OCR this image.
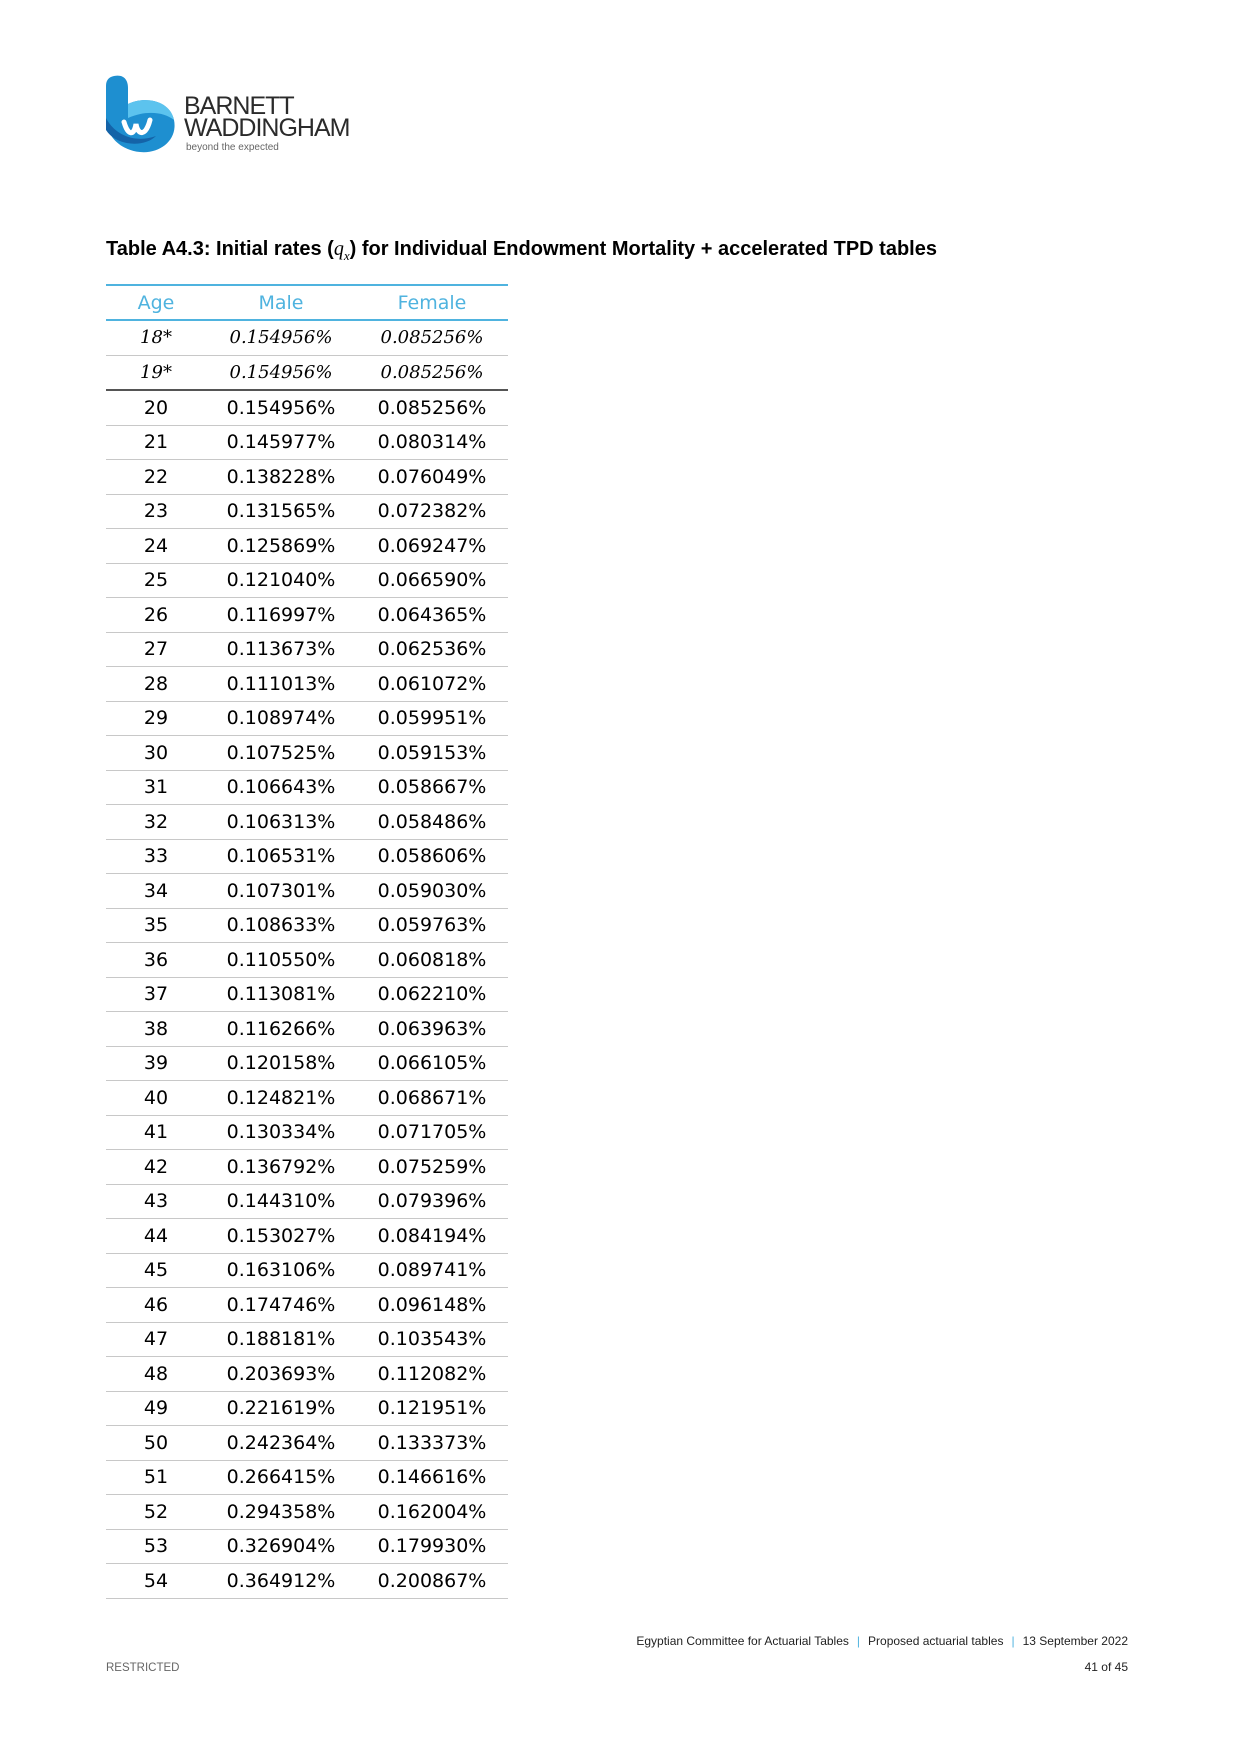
BARNETT
WADDINGHAM
beyond the expected
Table A4.3: Initial rates $(q_x)$ for Individual Endowment Mortality + accelerated TPD tables
Age	Male	Female
18*	0.154956%	0.085256%
19*	0.154956%	0.085256%
20	0.154956%	0.085256%
21	0.145977%	0.080314%
22	0.138228%	0.076049%
23	0.131565%	0.072382%
24	0.125869%	0.069247%
25	0.121040%	0.066590%
26	0.116997%	0.064365%
27	0.113673%	0.062536%
28	0.111013%	0.061072%
29	0.108974%	0.059951%
30	0.107525%	0.059153%
31	0.106643%	0.058667%
32	0.106313%	0.058486%
33	0.106531%	0.058606%
34	0.107301%	0.059030%
35	0.108633%	0.059763%
36	0.110550%	0.060818%
37	0.113081%	0.062210%
38	0.116266%	0.063963%
39	0.120158%	0.066105%
40	0.124821%	0.068671%
41	0.130334%	0.071705%
42	0.136792%	0.075259%
43	0.144310%	0.079396%
44	0.153027%	0.084194%
45	0.163106%	0.089741%
46	0.174746%	0.096148%
47	0.188181%	0.103543%
48	0.203693%	0.112082%
49	0.221619%	0.121951%
50	0.242364%	0.133373%
51	0.266415%	0.146616%
52	0.294358%	0.162004%
53	0.326904%	0.179930%
54	0.364912%	0.200867%
Egyptian Committee for Actuarial Tables | Proposed actuarial tables | 13 September 2022
41 of 45
RESTRICTED
